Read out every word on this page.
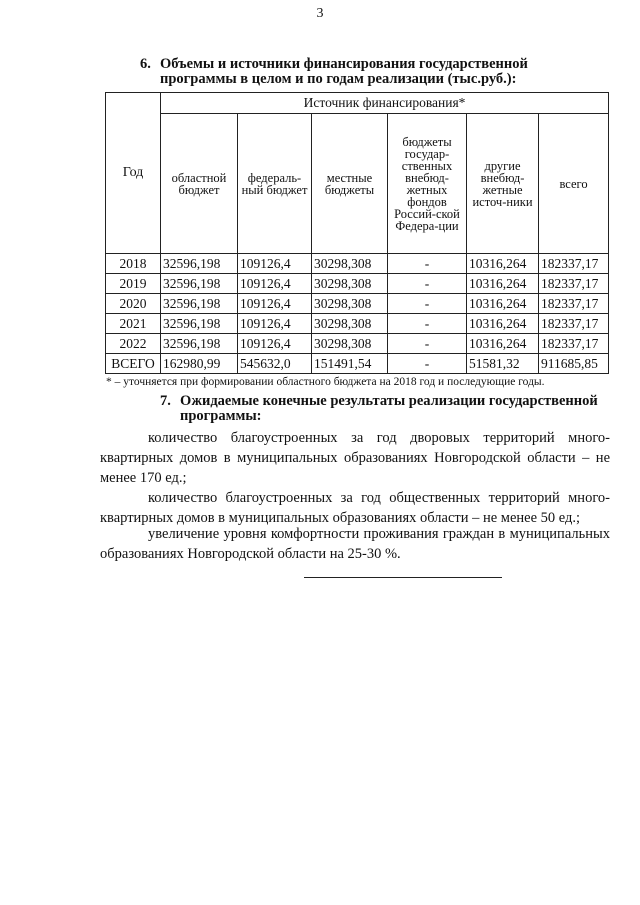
3
6. Объемы и источники финансирования государственной
программы в целом и по годам реализации (тыс.руб.):
Год	Источник финансирования*					
	областной бюджет	федераль-ный бюджет	местные бюджеты	бюджеты государ-ственных внебюд-жетных фондов Россий-ской Федера-ции	другие внебюд-жетные источ-ники	всего
2018	32596,198	109126,4	30298,308	-	10316,264	182337,17
2019	32596,198	109126,4	30298,308	-	10316,264	182337,17
2020	32596,198	109126,4	30298,308	-	10316,264	182337,17
2021	32596,198	109126,4	30298,308	-	10316,264	182337,17
2022	32596,198	109126,4	30298,308	-	10316,264	182337,17
ВСЕГО	162980,99	545632,0	151491,54	-	51581,32	911685,85
* – уточняется при формировании областного бюджета на 2018 год и последующие годы.
7. Ожидаемые конечные результаты реализации государственной
программы:
количество благоустроенных за год дворовых территорий много-квартирных домов в муниципальных образованиях Новгородской области – не менее 170 ед.;
количество благоустроенных за год общественных территорий много-квартирных домов в муниципальных образованиях области – не менее 50 ед.;
увеличение уровня комфортности проживания граждан в муниципальных образованиях Новгородской области на 25-30 %.
